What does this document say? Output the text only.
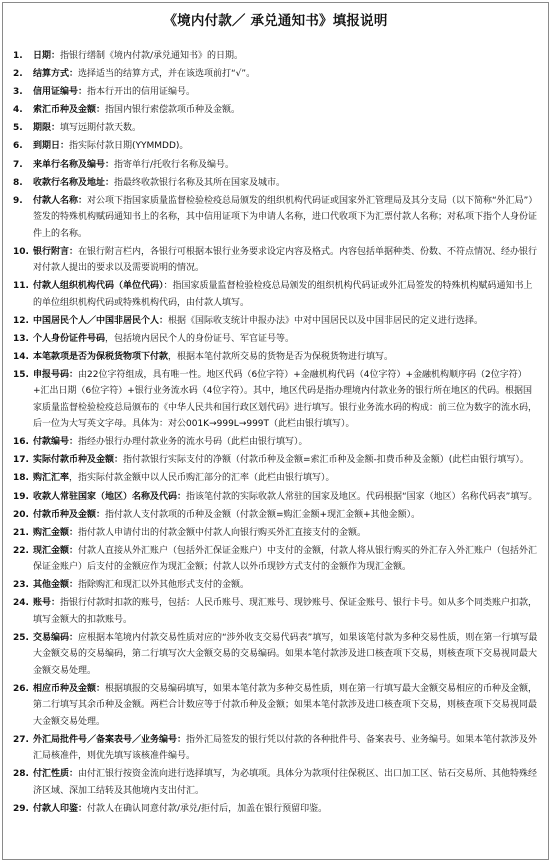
《境内付款／ 承兑通知书》填报说明
1. 日期：指银行缮制《境内付款/承兑通知书》的日期。
2. 结算方式：选择适当的结算方式，并在该选项前打“√”。
3. 信用证编号：指本行开出的信用证编号。
4. 索汇币种及金额：指国内银行索偿款项币种及金额。
5. 期限：填写远期付款天数。
6. 到期日：指实际付款日期(YYMMDD)。
7. 来单行名称及编号：指寄单行/托收行名称及编号。
8. 收款行名称及地址：指最终收款银行名称及其所在国家及城市。
9. 付款人名称：对公项下指国家质量监督检验检疫总局颁发的组织机构代码证或国家外汇管理局及其分支局（以下简称“外汇局”）签发的特殊机构赋码通知书上的名称，其中信用证项下为申请人名称，进口代收项下为汇票付款人名称；对私项下指个人身份证件上的名称。
10. 银行附言：在银行附言栏内，各银行可根据本银行业务要求设定内容及格式。内容包括单据种类、份数、不符点情况、经办银行对付款人提出的要求以及需要说明的情况。
11. 付款人组织机构代码（单位代码）：指国家质量监督检验检疫总局颁发的组织机构代码证或外汇局签发的特殊机构赋码通知书上的单位组织机构代码或特殊机构代码，由付款人填写。
12. 中国居民个人／中国非居民个人：根据《国际收支统计申报办法》中对中国居民以及中国非居民的定义进行选择。
13. 个人身份证件号码，包括境内居民个人的身份证号、军官证号等。
14. 本笔款项是否为保税货物项下付款，根据本笔付款所交易的货物是否为保税货物进行填写。
15. 申报号码：由22位字符组成，具有唯一性。地区代码（6位字符）+金融机构代码（4位字符）+金融机构顺序码（2位字符）+汇出日期（6位字符）+银行业务流水码（4位字符）。其中，地区代码是指办理境内付款业务的银行所在地区的代码。根据国家质量监督检验检疫总局颁布的《中华人民共和国行政区划代码》进行填写。银行业务流水码的构成：前三位为数字的流水码，后一位为大写英文字母。具体为：对公001K→999L→999T（此栏由银行填写）。
16. 付款编号：指经办银行办理付款业务的流水号码（此栏由银行填写）。
17. 实际付款币种及金额：指付款银行实际支付的净额（付款币种及金额=索汇币种及金额-扣费币种及金额）(此栏由银行填写）。
18. 购汇汇率，指实际付款金额中以人民币购汇部分的汇率（此栏由银行填写）。
19. 收款人常驻国家（地区）名称及代码：指该笔付款的实际收款人常驻的国家及地区。代码根据“国家（地区）名称代码表”填写。
20. 付款币种及金额：指付款人支付款项的币种及金额（付款金额=购汇金额+现汇金额+其他金额）。
21. 购汇金额：指付款人申请付出的付款金额中付款人向银行购买外汇直接支付的金额。
22. 现汇金额：付款人直接从外汇账户（包括外汇保证金账户）中支付的金额，付款人将从银行购买的外汇存入外汇账户（包括外汇保证金账户）后支付的金额应作为现汇金额；付款人以外币现钞方式支付的金额作为现汇金额。
23. 其他金额：指除购汇和现汇以外其他形式支付的金额。
24. 账号：指银行付款时扣款的账号，包括：人民币账号、现汇账号、现钞账号、保证金账号、银行卡号。如从多个同类账户扣款，填写金额大的扣款账号。
25. 交易编码：应根据本笔境内付款交易性质对应的“涉外收支交易代码表”填写，如果该笔付款为多种交易性质，则在第一行填写最大金额交易的交易编码，第二行填写次大金额交易的交易编码。如果本笔付款涉及进口核查项下交易，则核查项下交易视同最大金额交易处理。
26. 相应币种及金额：根据填报的交易编码填写，如果本笔付款为多种交易性质，则在第一行填写最大金额交易相应的币种及金额，第二行填写其余币种及金额。两栏合计数应等于付款币种及金额；如果本笔付款涉及进口核查项下交易，则核查项下交易视同最大金额交易处理。
27. 外汇局批件号／备案表号／业务编号：指外汇局签发的银行凭以付款的各种批件号、备案表号、业务编号。如果本笔付款涉及外汇局核准件，则优先填写该核准件编号。
28. 付汇性质：由付汇银行按资金流向进行选择填写，为必填项。具体分为款项付往保税区、出口加工区、钻石交易所、其他特殊经济区域、深加工结转及其他境内支出付汇。
29. 付款人印鉴：付款人在确认同意付款/承兑/拒付后，加盖在银行预留印鉴。
